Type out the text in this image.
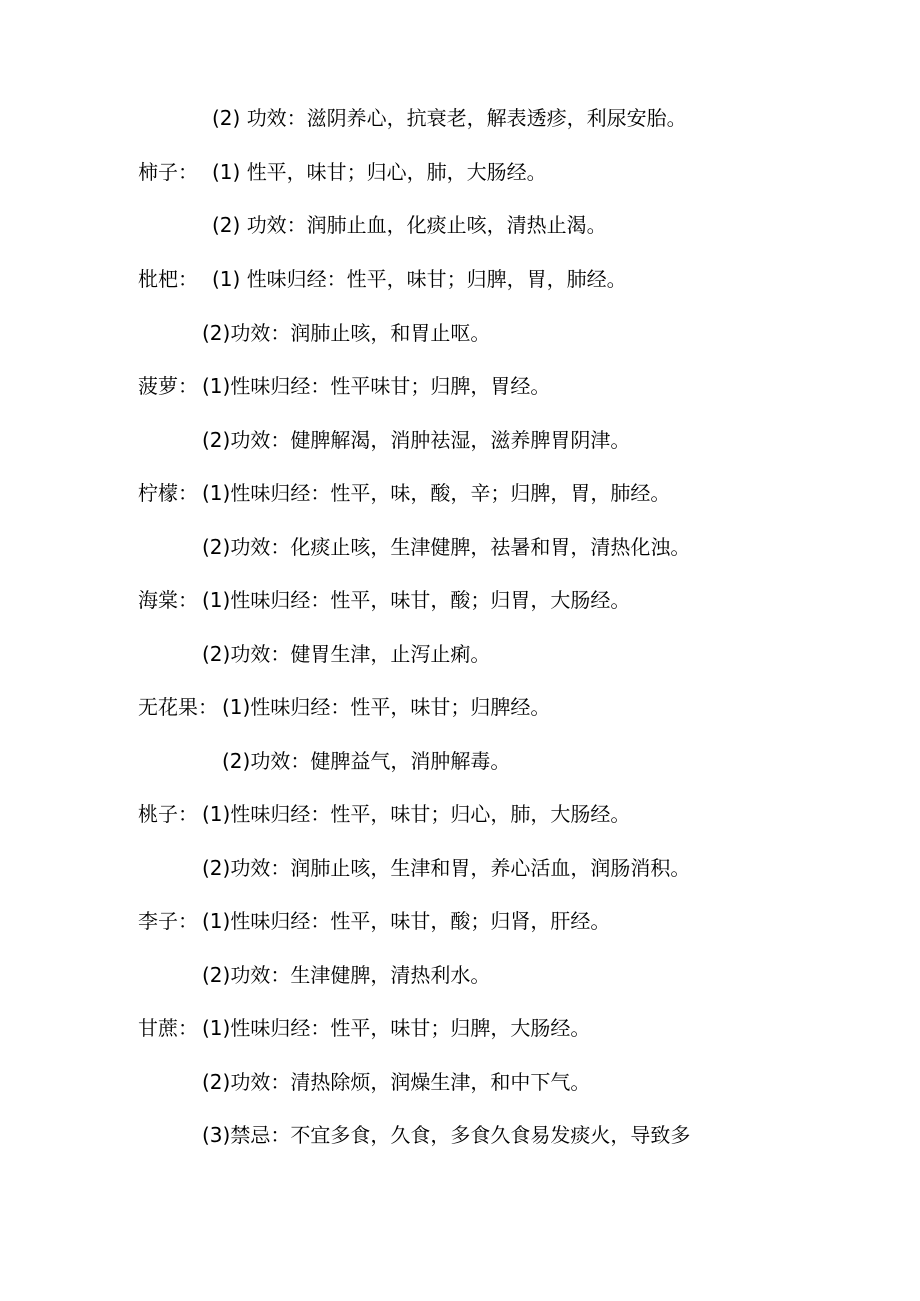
(2) 功效：滋阴养心，抗衰老，解表透疹，利尿安胎。
柿子： (1) 性平，味甘；归心，肺，大肠经。
(2) 功效：润肺止血，化痰止咳，清热止渴。
枇杷： (1) 性味归经：性平，味甘；归脾，胃，肺经。
(2)功效：润肺止咳，和胃止呕。
菠萝： (1)性味归经：性平味甘；归脾，胃经。
(2)功效：健脾解渴，消肿祛湿，滋养脾胃阴津。
柠檬： (1)性味归经：性平，味，酸，辛；归脾，胃，肺经。
(2)功效：化痰止咳，生津健脾，祛暑和胃，清热化浊。
海棠： (1)性味归经：性平，味甘，酸；归胃，大肠经。
(2)功效：健胃生津，止泻止痢。
无花果： (1)性味归经：性平，味甘；归脾经。
(2)功效：健脾益气，消肿解毒。
桃子： (1)性味归经：性平，味甘；归心，肺，大肠经。
(2)功效：润肺止咳，生津和胃，养心活血，润肠消积。
李子： (1)性味归经：性平，味甘，酸；归肾，肝经。
(2)功效：生津健脾，清热利水。
甘蔗： (1)性味归经：性平，味甘；归脾，大肠经。
(2)功效：清热除烦，润燥生津，和中下气。
(3)禁忌：不宜多食，久食，多食久食易发痰火，导致多
